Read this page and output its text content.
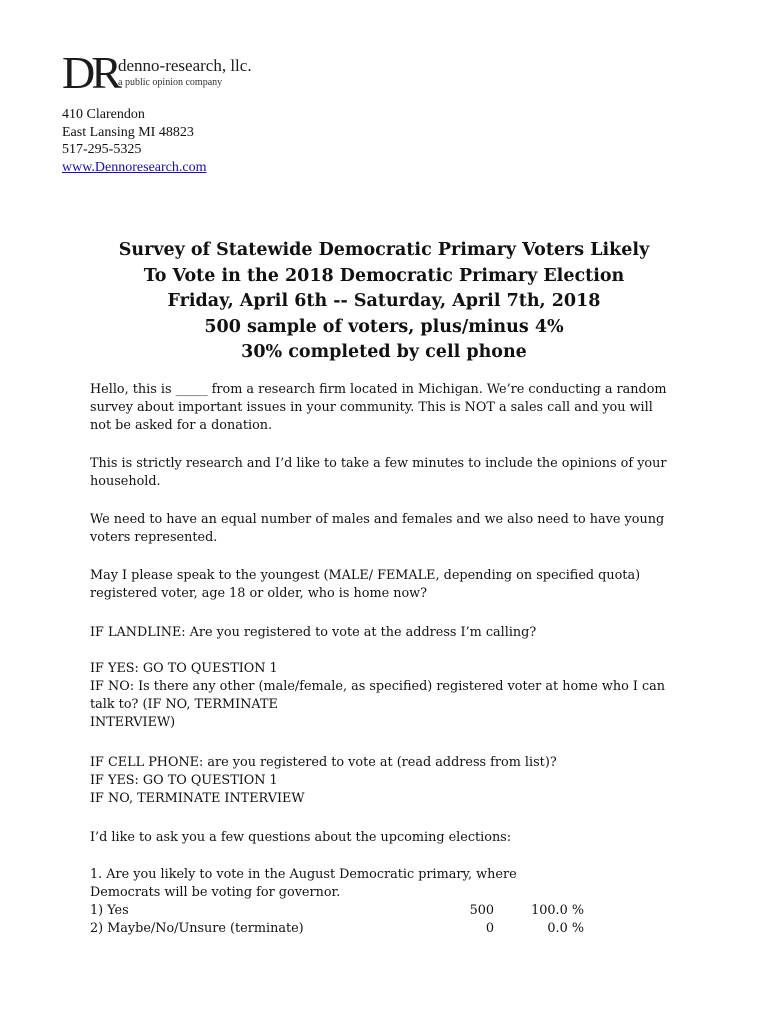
DR denno-research, llc.
a public opinion company
410 Clarendon
East Lansing MI 48823
517-295-5325
www.Dennoresearch.com
Survey of Statewide Democratic Primary Voters Likely
To Vote in the 2018 Democratic Primary Election
Friday, April 6th -- Saturday, April 7th, 2018
500 sample of voters, plus/minus 4%
30% completed by cell phone
Hello, this is _____ from a research firm located in Michigan. We’re conducting a random
survey about important issues in your community. This is NOT a sales call and you will
not be asked for a donation.
This is strictly research and I’d like to take a few minutes to include the opinions of your
household.
We need to have an equal number of males and females and we also need to have young
voters represented.
May I please speak to the youngest (MALE/ FEMALE, depending on specified quota)
registered voter, age 18 or older, who is home now?
IF LANDLINE: Are you registered to vote at the address I’m calling?
IF YES: GO TO QUESTION 1
IF NO: Is there any other (male/female, as specified) registered voter at home who I can
talk to? (IF NO, TERMINATE
INTERVIEW)
IF CELL PHONE: are you registered to vote at (read address from list)?
IF YES: GO TO QUESTION 1
IF NO, TERMINATE INTERVIEW
I’d like to ask you a few questions about the upcoming elections:
1. Are you likely to vote in the August Democratic primary, where
Democrats will be voting for governor.
1) Yes	500	100.0 %
2) Maybe/No/Unsure (terminate)	0	0.0 %
